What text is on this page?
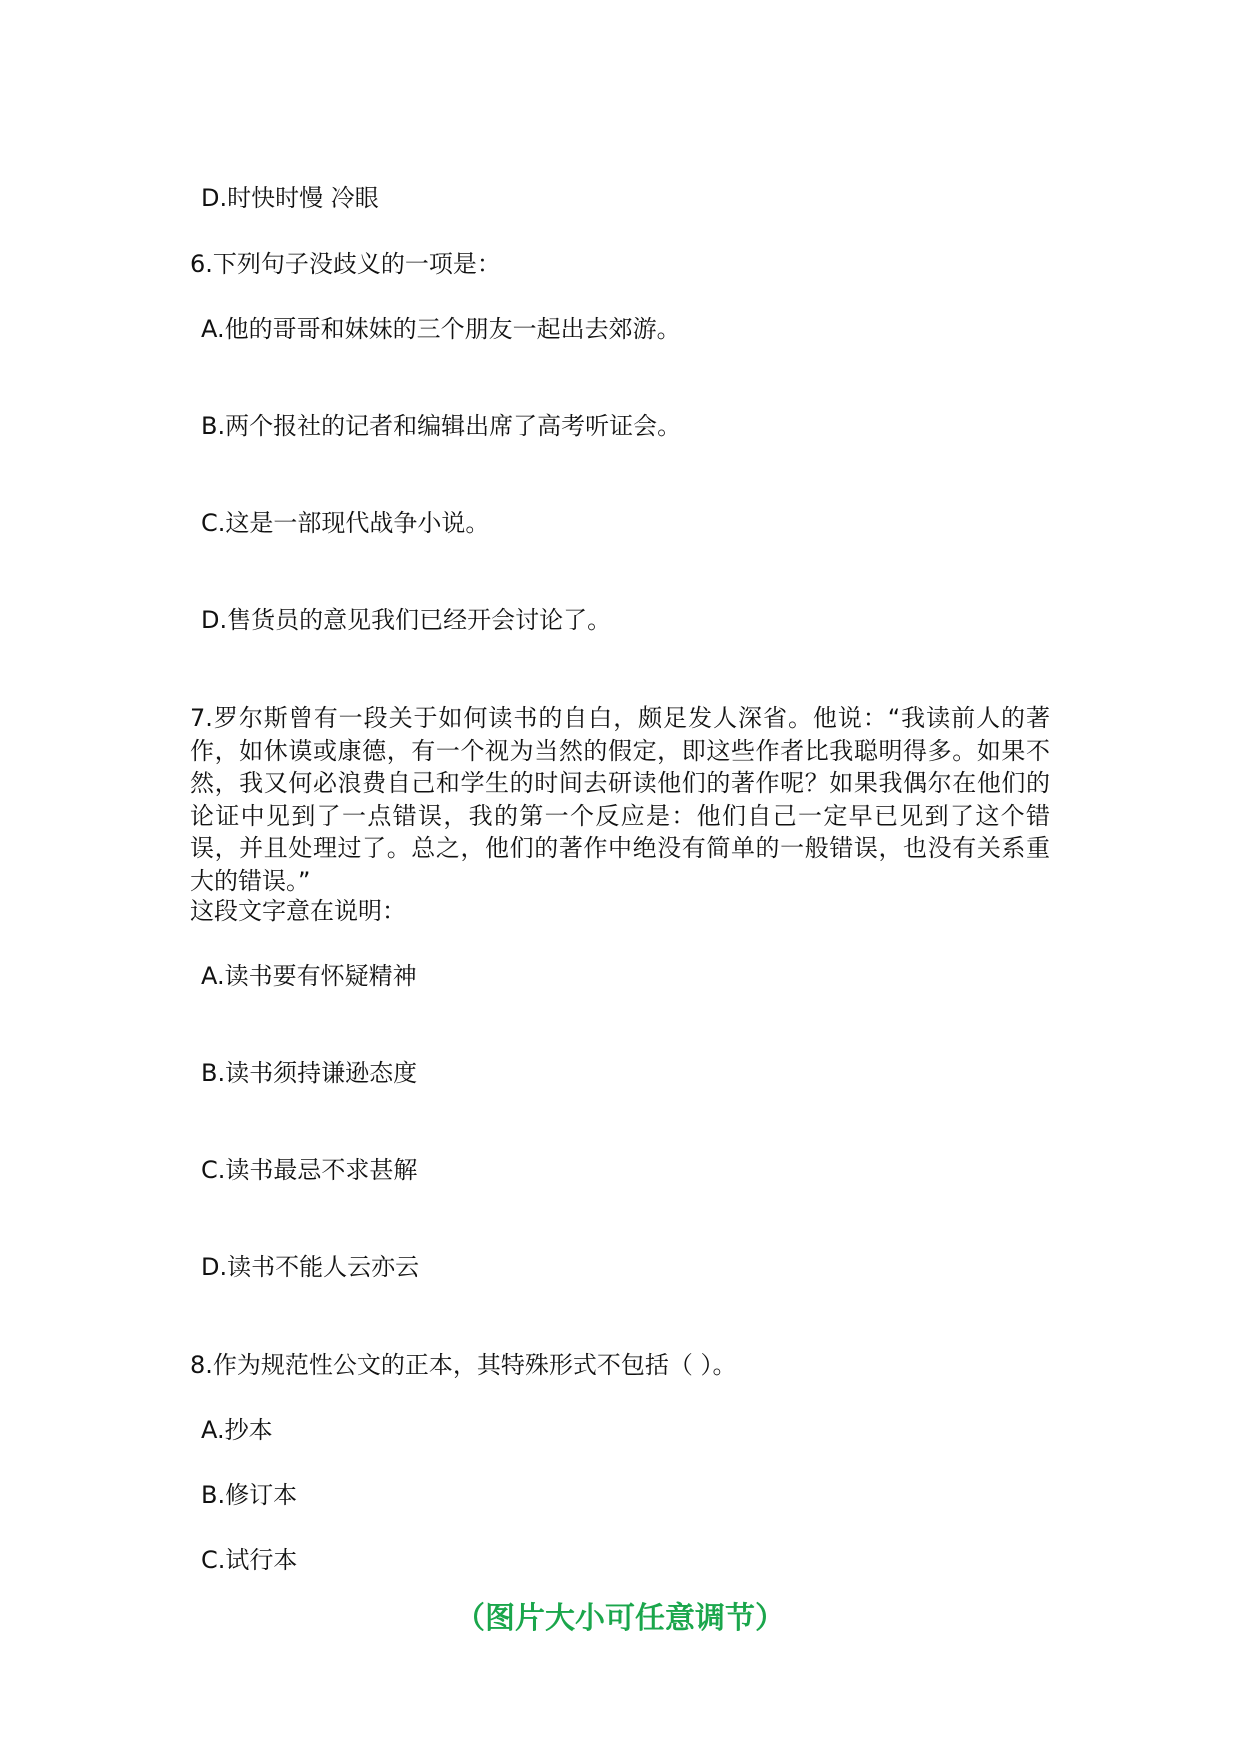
D.时快时慢 冷眼
6.下列句子没歧义的一项是：
A.他的哥哥和妹妹的三个朋友一起出去郊游。
B.两个报社的记者和编辑出席了高考听证会。
C.这是一部现代战争小说。
D.售货员的意见我们已经开会讨论了。
7.罗尔斯曾有一段关于如何读书的自白，颇足发人深省。他说：“我读前人的著作，如休谟或康德，有一个视为当然的假定，即这些作者比我聪明得多。如果不然，我又何必浪费自己和学生的时间去研读他们的著作呢？如果我偶尔在他们的论证中见到了一点错误，我的第一个反应是：他们自己一定早已见到了这个错误，并且处理过了。总之，他们的著作中绝没有简单的一般错误，也没有关系重大的错误。”
这段文字意在说明：
A.读书要有怀疑精神
B.读书须持谦逊态度
C.读书最忌不求甚解
D.读书不能人云亦云
8.作为规范性公文的正本，其特殊形式不包括（ ）。
A.抄本
B.修订本
C.试行本
（图片大小可任意调节）
